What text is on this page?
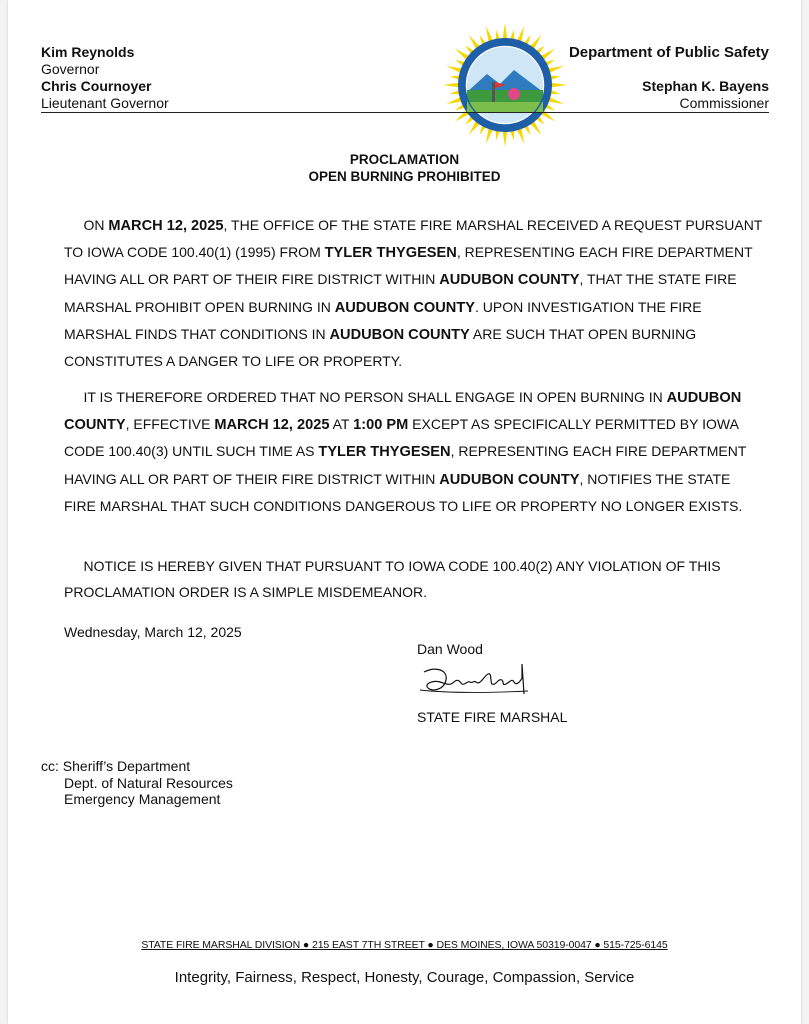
Kim Reynolds
Governor
Chris Cournoyer
Lieutenant Governor
Department of Public Safety
Stephan K. Bayens
Commissioner
PROCLAMATION
OPEN BURNING PROHIBITED
ON MARCH 12, 2025, THE OFFICE OF THE STATE FIRE MARSHAL RECEIVED A REQUEST PURSUANT TO IOWA CODE 100.40(1) (1995) FROM TYLER THYGESEN, REPRESENTING EACH FIRE DEPARTMENT HAVING ALL OR PART OF THEIR FIRE DISTRICT WITHIN AUDUBON COUNTY, THAT THE STATE FIRE MARSHAL PROHIBIT OPEN BURNING IN AUDUBON COUNTY. UPON INVESTIGATION THE FIRE MARSHAL FINDS THAT CONDITIONS IN AUDUBON COUNTY ARE SUCH THAT OPEN BURNING CONSTITUTES A DANGER TO LIFE OR PROPERTY.
IT IS THEREFORE ORDERED THAT NO PERSON SHALL ENGAGE IN OPEN BURNING IN AUDUBON COUNTY, EFFECTIVE MARCH 12, 2025 AT 1:00 PM EXCEPT AS SPECIFICALLY PERMITTED BY IOWA CODE 100.40(3) UNTIL SUCH TIME AS TYLER THYGESEN, REPRESENTING EACH FIRE DEPARTMENT HAVING ALL OR PART OF THEIR FIRE DISTRICT WITHIN AUDUBON COUNTY, NOTIFIES THE STATE FIRE MARSHAL THAT SUCH CONDITIONS DANGEROUS TO LIFE OR PROPERTY NO LONGER EXISTS.
NOTICE IS HEREBY GIVEN THAT PURSUANT TO IOWA CODE 100.40(2) ANY VIOLATION OF THIS PROCLAMATION ORDER IS A SIMPLE MISDEMEANOR.
Wednesday, March 12, 2025
Dan Wood
STATE FIRE MARSHAL
cc: Sheriff’s Department
Dept. of Natural Resources
Emergency Management
STATE FIRE MARSHAL DIVISION ● 215 EAST 7TH STREET ● DES MOINES, IOWA 50319-0047 ● 515-725-6145
Integrity, Fairness, Respect, Honesty, Courage, Compassion, Service
